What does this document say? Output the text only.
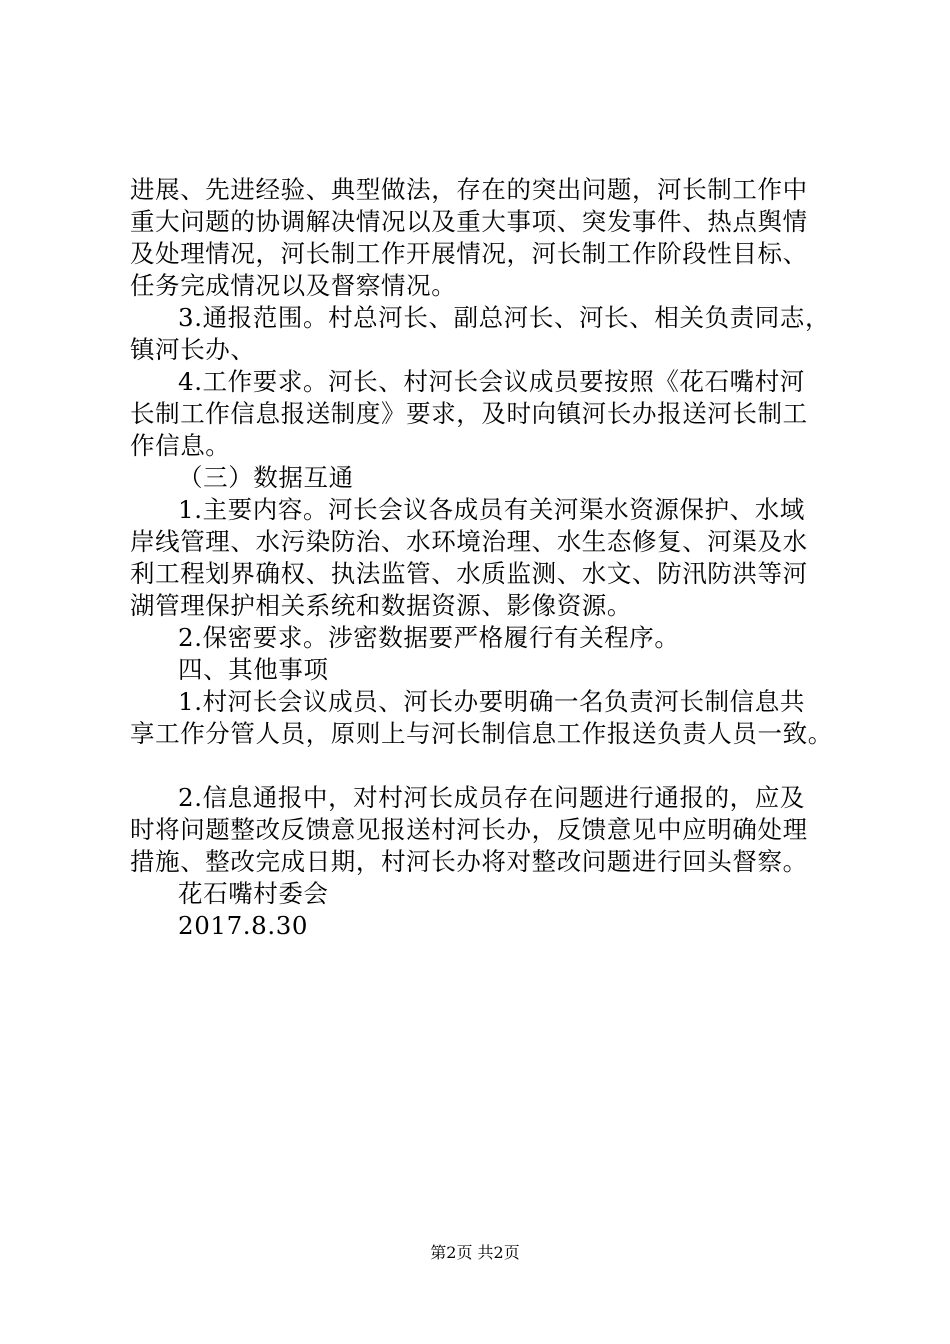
进展、先进经验、典型做法，存在的突出问题，河长制工作中
重大问题的协调解决情况以及重大事项、突发事件、热点舆情
及处理情况，河长制工作开展情况，河长制工作阶段性目标、
任务完成情况以及督察情况。
3.通报范围。村总河长、副总河长、河长、相关负责同志，
镇河长办、
4.工作要求。河长、村河长会议成员要按照《花石嘴村河
长制工作信息报送制度》要求，及时向镇河长办报送河长制工
作信息。
（三）数据互通
1.主要内容。河长会议各成员有关河渠水资源保护、水域
岸线管理、水污染防治、水环境治理、水生态修复、河渠及水
利工程划界确权、执法监管、水质监测、水文、防汛防洪等河
湖管理保护相关系统和数据资源、影像资源。
2.保密要求。涉密数据要严格履行有关程序。
四、其他事项
1.村河长会议成员、河长办要明确一名负责河长制信息共
享工作分管人员，原则上与河长制信息工作报送负责人员一致。
2.信息通报中，对村河长成员存在问题进行通报的，应及
时将问题整改反馈意见报送村河长办，反馈意见中应明确处理
措施、整改完成日期，村河长办将对整改问题进行回头督察。
花石嘴村委会
2017.8.30
第2页 共2页
